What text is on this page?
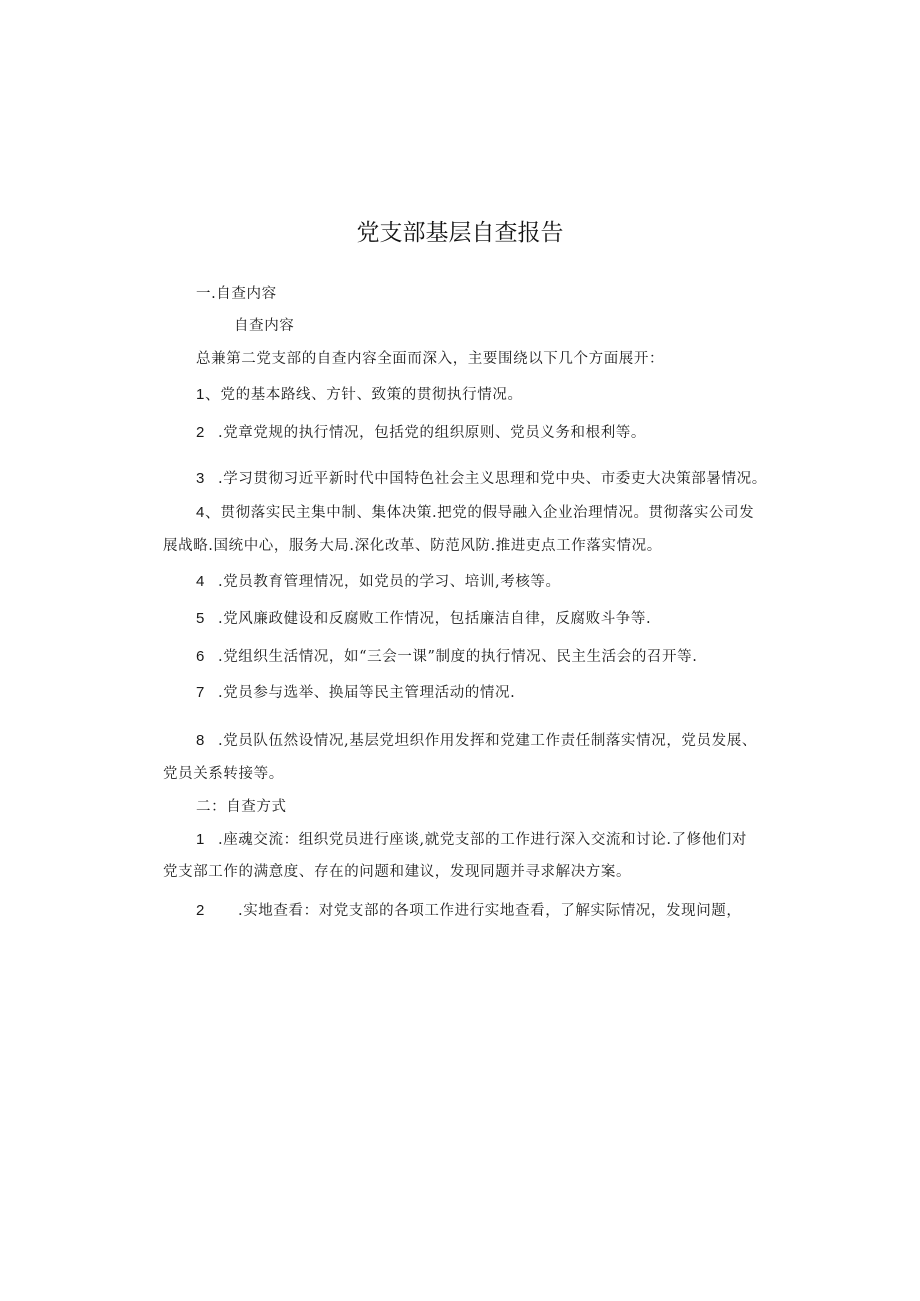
党支部基层自查报告
一.自查内容
自查内容
总兼第二党支部的自查内容全面而深入，主要围绕以下几个方面展开：
1、党的基本路线、方针、致策的贯彻执行情况。
2 .党章党规的执行情况，包括党的组织原则、党员义务和根利等。
3 .学习贯彻习近平新时代中国特色社会主义思理和党中央、市委吏大决策部暑情况。
4、贯彻落实民主集中制、集体决策.把党的假导融入企业治理情况。贯彻落实公司发
展战略.国统中心，服务大局.深化改革、防范风防.推进吏点工作落实情况。
4 .党员教育管理情况，如党员的学习、培训,考核等。
5 .党风廉政健设和反腐败工作情况，包括廉洁自律，反腐败斗争等.
6 .党组织生活情况，如“三会一课”制度的执行情况、民主生活会的召开等.
7 .党员参与选举、换届等民主管理活动的情况.
8 .党员队伍然设情况,基层党坦织作用发挥和党建工作责任制落实情况，党员发展、
党员关系转接等。
二：自查方式
1 .座魂交流：组织党员进行座谈,就党支部的工作进行深入交流和讨论.了修他们对
党支部工作的满意度、存在的问题和建议，发现同题并寻求解决方案。
2 .实地查看：对党支部的各项工作进行实地查看，了解实际情况，发现问题，
